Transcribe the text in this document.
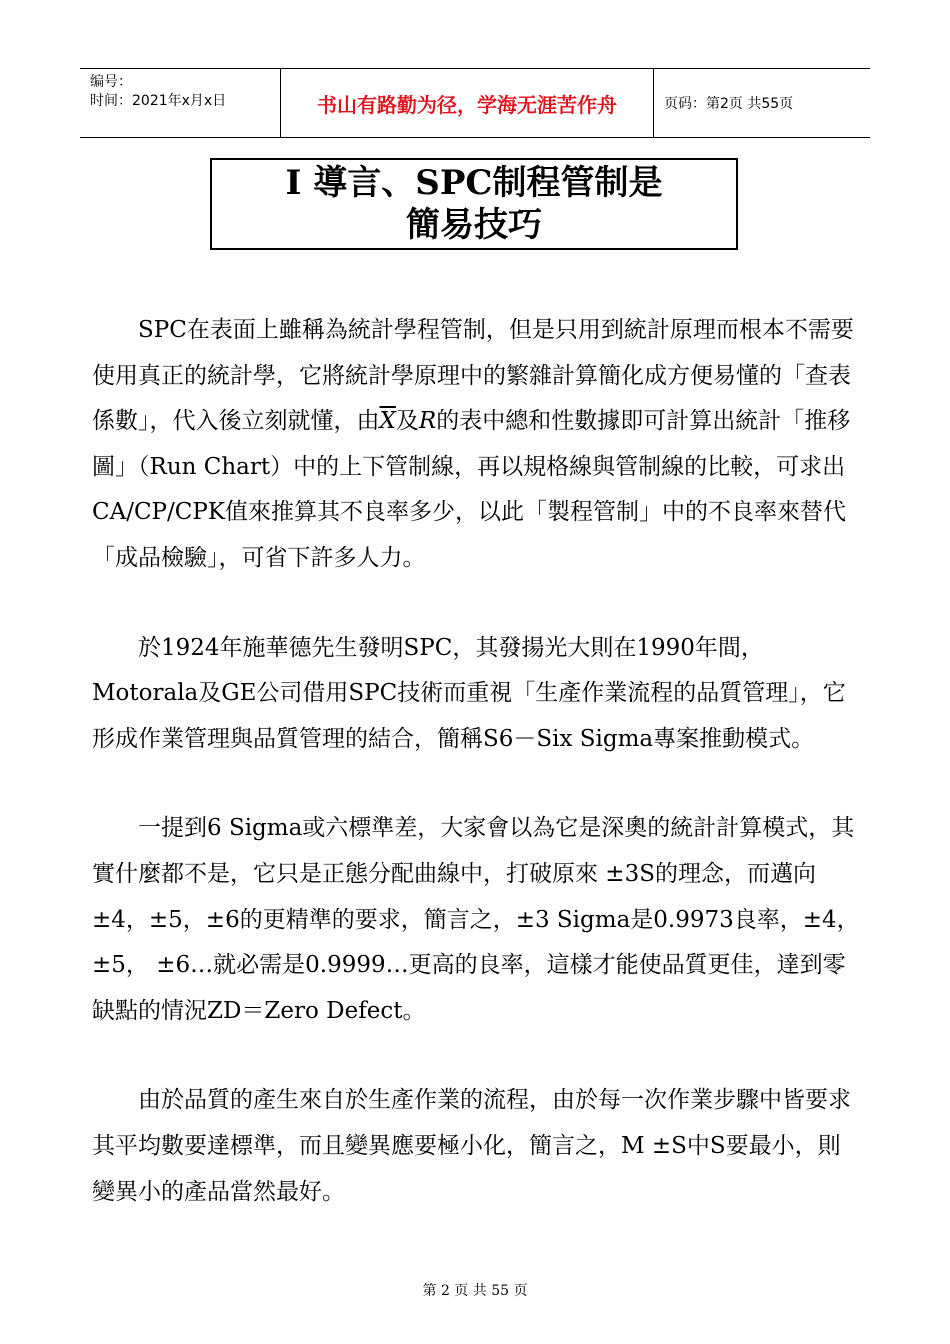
编号：
时间：2021年x月x日	书山有路勤为径，学海无涯苦作舟	页码：第2页 共55页
I 導言、SPC制程管制是
簡易技巧

SPC在表面上雖稱為統計學程管制，但是只用到統計原理而根本不需要使用真正的統計學，它將統計學原理中的繁雜計算簡化成方便易懂的「查表係數」，代入後立刻就懂，由$\overline{X}$及R的表中總和性數據即可計算出統計「推移圖」（Run Chart）中的上下管制線，再以規格線與管制線的比較，可求出CA/CP/CPK值來推算其不良率多少，以此「製程管制」中的不良率來替代「成品檢驗」，可省下許多人力。

於1924年施華德先生發明SPC，其發揚光大則在1990年間，Motorala及GE公司借用SPC技術而重視「生產作業流程的品質管理」，它形成作業管理與品質管理的結合，簡稱S6－Six Sigma專案推動模式。

一提到6 Sigma或六標準差，大家會以為它是深奧的統計計算模式，其實什麼都不是，它只是正態分配曲線中，打破原來 ±3S的理念，而邁向 ±4，±5，±6的更精準的要求，簡言之，±3 Sigma是0.9973良率，±4， ±5， ±6…就必需是0.9999…更高的良率，這樣才能使品質更佳，達到零缺點的情況ZD＝Zero Defect。

由於品質的產生來自於生產作業的流程，由於每一次作業步驟中皆要求其平均數要達標準，而且變異應要極小化，簡言之，M ±S中S要最小，則變異小的產品當然最好。

第 2 页 共 55 页
